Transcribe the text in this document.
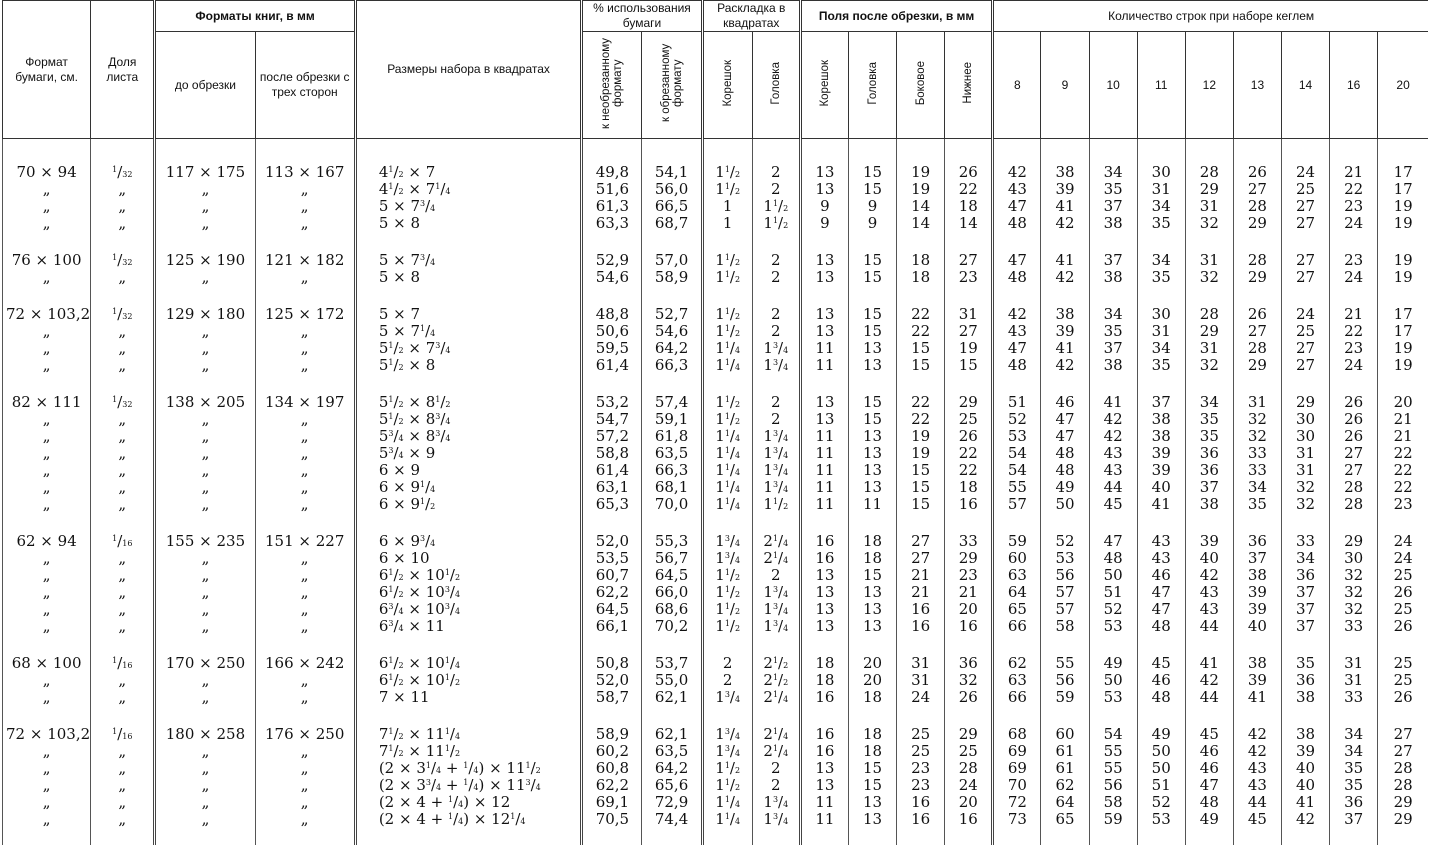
Формат бумаги, см.	Доля листа	Форматы книг, в мм		Размеры набора в квадратах	% использования бумаги		Раскладка в квадратах		Поля после обрезки, в мм				Количество строк при наборе кеглем								
		до обрезки	после обрезки с трех сторон		к необрезанному формату	к обрезанному формату	Корешок	Головка	Корешок	Головка	Боковое	Нижнее	8	9	10	11	12	13	14	16	20
70 × 94	$^1$/32	117 × 175	113 × 167	$4^1/2 \times 7$	49,8	54,1	$1^1/2$	2	13	15	19	26	42	38	34	30	28	26	24	21	17
„	„	„	„	$4^1/2 \times 7^1/4$	51,6	56,0	$1^1/2$	2	13	15	19	22	43	39	35	31	29	27	25	22	17
„	„	„	„	$5 \times 7^3/4$	61,3	66,5	1	$1^1/2$	9	9	14	18	47	41	37	34	31	28	27	23	19
„	„	„	„	5 × 8	63,3	68,7	1	$1^1/2$	9	9	14	14	48	42	38	35	32	29	27	24	19
76 × 100	$^1$/32	125 × 190	121 × 182	$5 \times 7^3/4$	52,9	57,0	$1^1/2$	2	13	15	18	27	47	41	37	34	31	28	27	23	19
„	„	„	„	5 × 8	54,6	58,9	$1^1/2$	2	13	15	18	23	48	42	38	35	32	29	27	24	19
72 × 103,2	$^1$/32	129 × 180	125 × 172	5 × 7	48,8	52,7	$1^1/2$	2	13	15	22	31	42	38	34	30	28	26	24	21	17
„	„	„	„	$5 \times 7^1/4$	50,6	54,6	$1^1/2$	2	13	15	22	27	43	39	35	31	29	27	25	22	17
„	„	„	„	$5^1/2 \times 7^3/4$	59,5	64,2	$1^1/4$	$1^3/4$	11	13	15	19	47	41	37	34	31	28	27	23	19
„	„	„	„	$5^1/2 \times 8$	61,4	66,3	$1^1/4$	$1^3/4$	11	13	15	15	48	42	38	35	32	29	27	24	19
82 × 111	$^1$/32	138 × 205	134 × 197	$5^1/2 \times 8^1/2$	53,2	57,4	$1^1/2$	2	13	15	22	29	51	46	41	37	34	31	29	26	20
„	„	„	„	$5^1/2 \times 8^3/4$	54,7	59,1	$1^1/2$	2	13	15	22	25	52	47	42	38	35	32	30	26	21
„	„	„	„	$5^3/4 \times 8^3/4$	57,2	61,8	$1^1/4$	$1^3/4$	11	13	19	26	53	47	42	38	35	32	30	26	21
„	„	„	„	$5^3/4 \times 9$	58,8	63,5	$1^1/4$	$1^3/4$	11	13	19	22	54	48	43	39	36	33	31	27	22
„	„	„	„	6 × 9	61,4	66,3	$1^1/4$	$1^3/4$	11	13	15	22	54	48	43	39	36	33	31	27	22
„	„	„	„	$6 \times 9^1/4$	63,1	68,1	$1^1/4$	$1^3/4$	11	13	15	18	55	49	44	40	37	34	32	28	22
„	„	„	„	$6 \times 9^1/2$	65,3	70,0	$1^1/4$	$1^1/2$	11	11	15	16	57	50	45	41	38	35	32	28	23
62 × 94	$^1$/16	155 × 235	151 × 227	$6 \times 9^3/4$	52,0	55,3	$1^3/4$	$2^1/4$	16	18	27	33	59	52	47	43	39	36	33	29	24
„	„	„	„	6 × 10	53,5	56,7	$1^3/4$	$2^1/4$	16	18	27	29	60	53	48	43	40	37	34	30	24
„	„	„	„	$6^1/2 \times 10^1/2$	60,7	64,5	$1^1/2$	2	13	15	21	23	63	56	50	46	42	38	36	32	25
„	„	„	„	$6^1/2 \times 10^3/4$	62,2	66,0	$1^1/2$	$1^3/4$	13	13	21	21	64	57	51	47	43	39	37	32	26
„	„	„	„	$6^3/4 \times 10^3/4$	64,5	68,6	$1^1/2$	$1^3/4$	13	13	16	20	65	57	52	47	43	39	37	32	25
„	„	„	„	$6^3/4 \times 11$	66,1	70,2	$1^1/2$	$1^3/4$	13	13	16	16	66	58	53	48	44	40	37	33	26
68 × 100	$^1$/16	170 × 250	166 × 242	$6^1/2 \times 10^1/4$	50,8	53,7	2	$2^1/2$	18	20	31	36	62	55	49	45	41	38	35	31	25
„	„	„	„	$6^1/2 \times 10^1/2$	52,0	55,0	2	$2^1/2$	18	20	31	32	63	56	50	46	42	39	36	31	25
„	„	„	„	7 × 11	58,7	62,1	$1^3/4$	$2^1/4$	16	18	24	26	66	59	53	48	44	41	38	33	26
72 × 103,2	$^1$/16	180 × 258	176 × 250	$7^1/2 \times 11^1/4$	58,9	62,1	$1^3/4$	$2^1/4$	16	18	25	29	68	60	54	49	45	42	38	34	27
„	„	„	„	$7^1/2 \times 11^1/2$	60,2	63,5	$1^3/4$	$2^1/4$	16	18	25	25	69	61	55	50	46	42	39	34	27
„	„	„	„	$(2 \times 3^1/4 + ^1/4) \times 11^1/2$	60,8	64,2	$1^1/2$	2	13	15	23	28	69	61	55	50	46	43	40	35	28
„	„	„	„	$(2 \times 3^3/4 + ^1/4) \times 11^3/4$	62,2	65,6	$1^1/2$	2	13	15	23	24	70	62	56	51	47	43	40	35	28
„	„	„	„	(2 × 4 + $^1$/4) × 12	69,1	72,9	$1^1/4$	$1^3/4$	11	13	16	20	72	64	58	52	48	44	41	36	29
„	„	„	„	$(2 \times 4 + ^1/4) \times 12^1/4$	70,5	74,4	$1^1/4$	$1^3/4$	11	13	16	16	73	65	59	53	49	45	42	37	29
